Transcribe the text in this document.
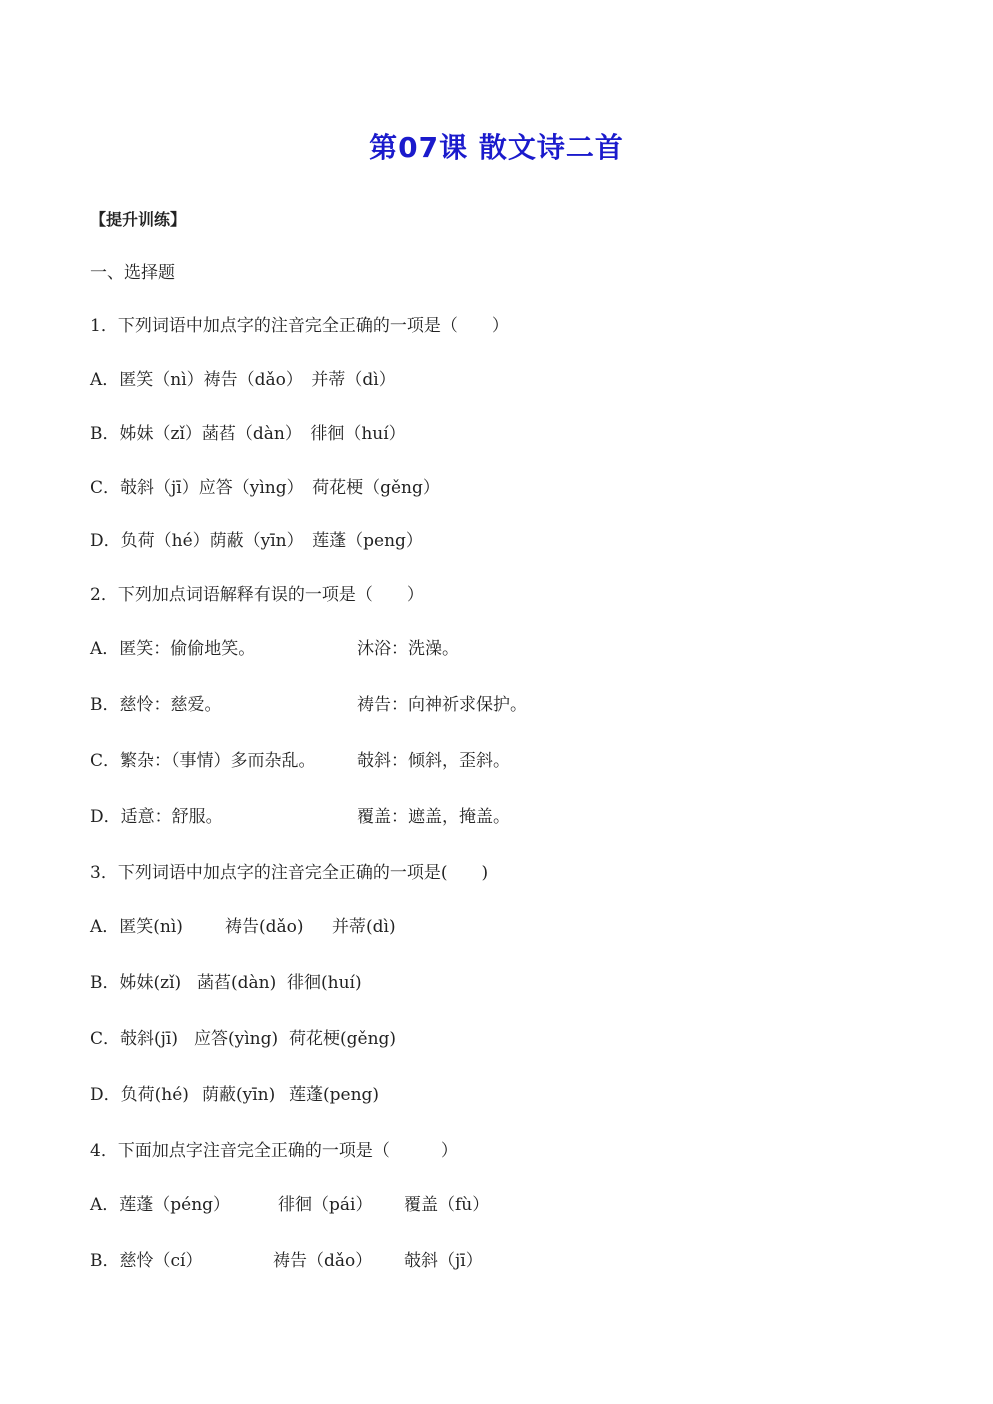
第07课 散文诗二首
【提升训练】
一、选择题
1．下列词语中加点字的注音完全正确的一项是（　　）
A．匿笑（nì）祷告（dǎo）　并蒂（dì）
B．姊妹（zǐ）菡萏（dàn）　徘徊（huí）
C．攲斜（jī）应答（yìng）　荷花梗（gěng）
D．负荷（hé）荫蔽（yīn）　莲蓬（peng）
2．下列加点词语解释有误的一项是（　　）
A．匿笑：偷偷地笑。	沐浴：洗澡。
B．慈怜：慈爱。	祷告：向神祈求保护。
C．繁杂：（事情）多而杂乱。 攲斜：倾斜，歪斜。
D．适意：舒服。	覆盖：遮盖，掩盖。
3．下列词语中加点字的注音完全正确的一项是(　　)
A．匿笑(nì) 祷告(dǎo) 并蒂(dì)
B．姊妹(zǐ) 菡萏(dàn) 徘徊(huí)
C．攲斜(jī) 应答(yìng) 荷花梗(gěng)
D．负荷(hé) 荫蔽(yīn) 莲蓬(peng)
4．下面加点字注音完全正确的一项是（　　　）
A．莲蓬（péng）	徘徊（pái） 覆盖（fù）
B．慈怜（cí）	祷告（dǎo） 攲斜（jī）
